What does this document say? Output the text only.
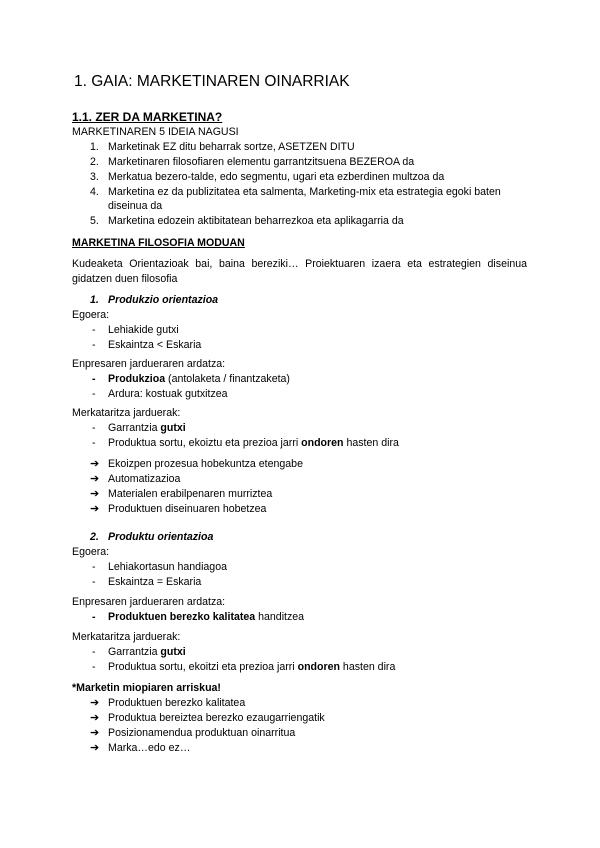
1. GAIA: MARKETINAREN OINARRIAK
1.1. ZER DA MARKETINA?
MARKETINAREN 5 IDEIA NAGUSI
1. Marketinak EZ ditu beharrak sortze, ASETZEN DITU
2. Marketinaren filosofiaren elementu garrantzitsuena BEZEROA da
3. Merkatua bezero-talde, edo segmentu, ugari eta ezberdinen multzoa da
4. Marketina ez da publizitatea eta salmenta, Marketing-mix eta estrategia egoki baten
diseinua da
5. Marketina edozein aktibitatean beharrezkoa eta aplikagarria da
MARKETINA FILOSOFIA MODUAN
Kudeaketa Orientazioak bai, baina bereziki… Proiektuaren izaera eta estrategien diseinua gidatzen duen filosofia
1. Produkzio orientazioa
Egoera:
- Lehiakide gutxi
- Eskaintza < Eskaria
Enpresaren jardueraren ardatza:
- Produkzioa (antolaketa / finantzaketa)
- Ardura: kostuak gutxitzea
Merkataritza jarduerak:
- Garrantzia gutxi
- Produktua sortu, ekoiztu eta prezioa jarri ondoren hasten dira
➔ Ekoizpen prozesua hobekuntza etengabe
➔ Automatizazioa
➔ Materialen erabilpenaren murriztea
➔ Produktuen diseinuaren hobetzea
2. Produktu orientazioa
Egoera:
- Lehiakortasun handiagoa
- Eskaintza = Eskaria
Enpresaren jardueraren ardatza:
- Produktuen berezko kalitatea handitzea
Merkataritza jarduerak:
- Garrantzia gutxi
- Produktua sortu, ekoitzi eta prezioa jarri ondoren hasten dira
*Marketin miopiaren arriskua!
➔ Produktuen berezko kalitatea
➔ Produktua bereiztea berezko ezaugarriengatik
➔ Posizionamendua produktuan oinarritua
➔ Marka…edo ez…
